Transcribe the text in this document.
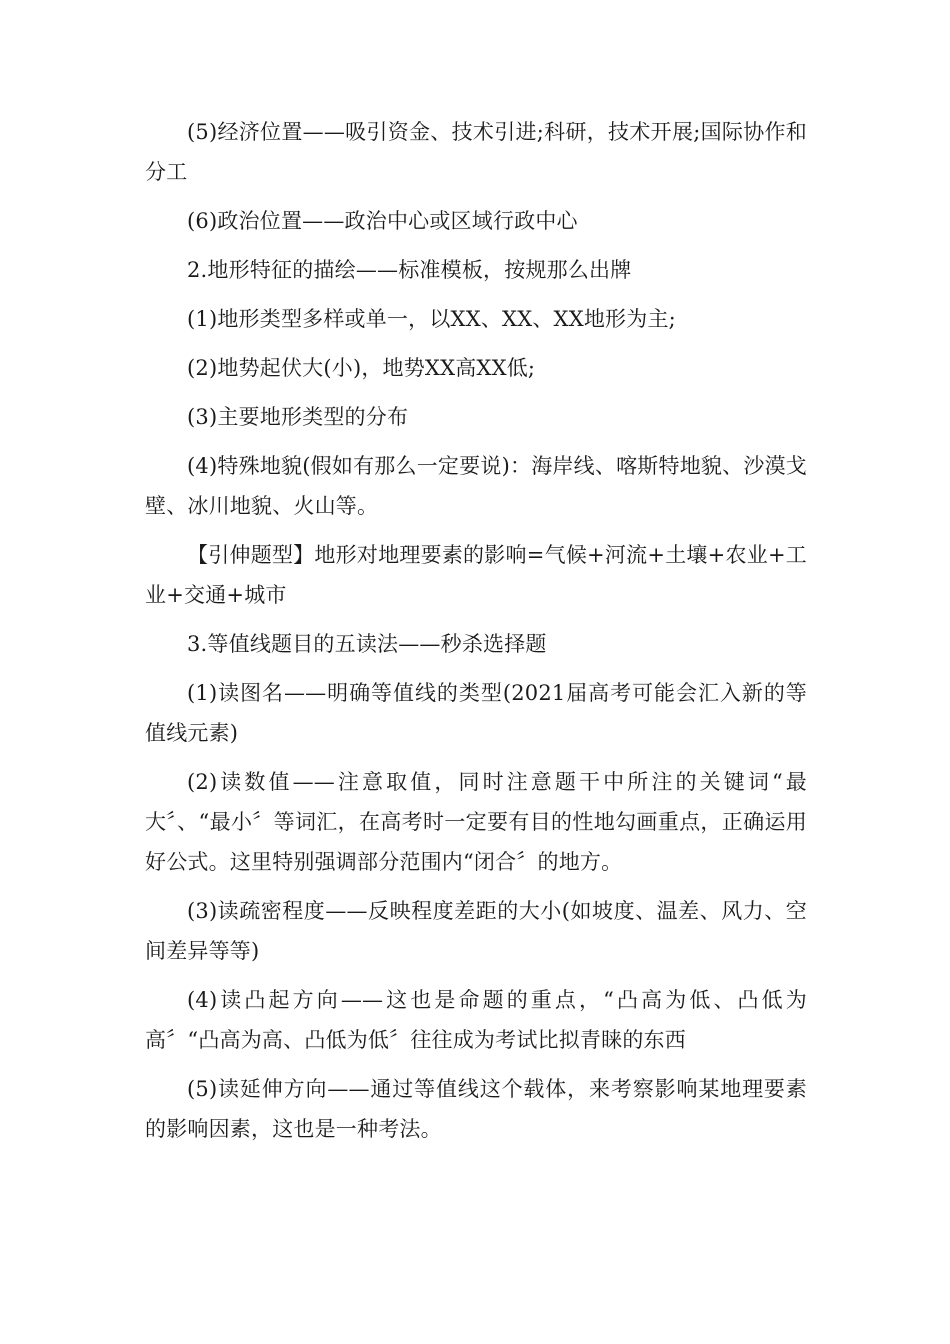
(5)经济位置——吸引资金、技术引进;科研，技术开展;国际协作和分工

(6)政治位置——政治中心或区域行政中心

2.地形特征的描绘——标准模板，按规那么出牌

(1)地形类型多样或单一，以XX、XX、XX地形为主;

(2)地势起伏大(小)，地势XX高XX低;

(3)主要地形类型的分布

(4)特殊地貌(假如有那么一定要说)：海岸线、喀斯特地貌、沙漠戈壁、冰川地貌、火山等。

【引伸题型】地形对地理要素的影响=气候+河流+土壤+农业+工业+交通+城市

3.等值线题目的五读法——秒杀选择题

(1)读图名——明确等值线的类型(2021届高考可能会汇入新的等值线元素)

(2)读数值——注意取值，同时注意题干中所注的关键词“最大〞、“最小〞等词汇，在高考时一定要有目的性地勾画重点，正确运用好公式。这里特别强调部分范围内“闭合〞的地方。

(3)读疏密程度——反映程度差距的大小(如坡度、温差、风力、空间差异等等)

(4)读凸起方向——这也是命题的重点，“凸高为低、凸低为高〞“凸高为高、凸低为低〞往往成为考试比拟青睐的东西

(5)读延伸方向——通过等值线这个载体，来考察影响某地理要素的影响因素，这也是一种考法。
